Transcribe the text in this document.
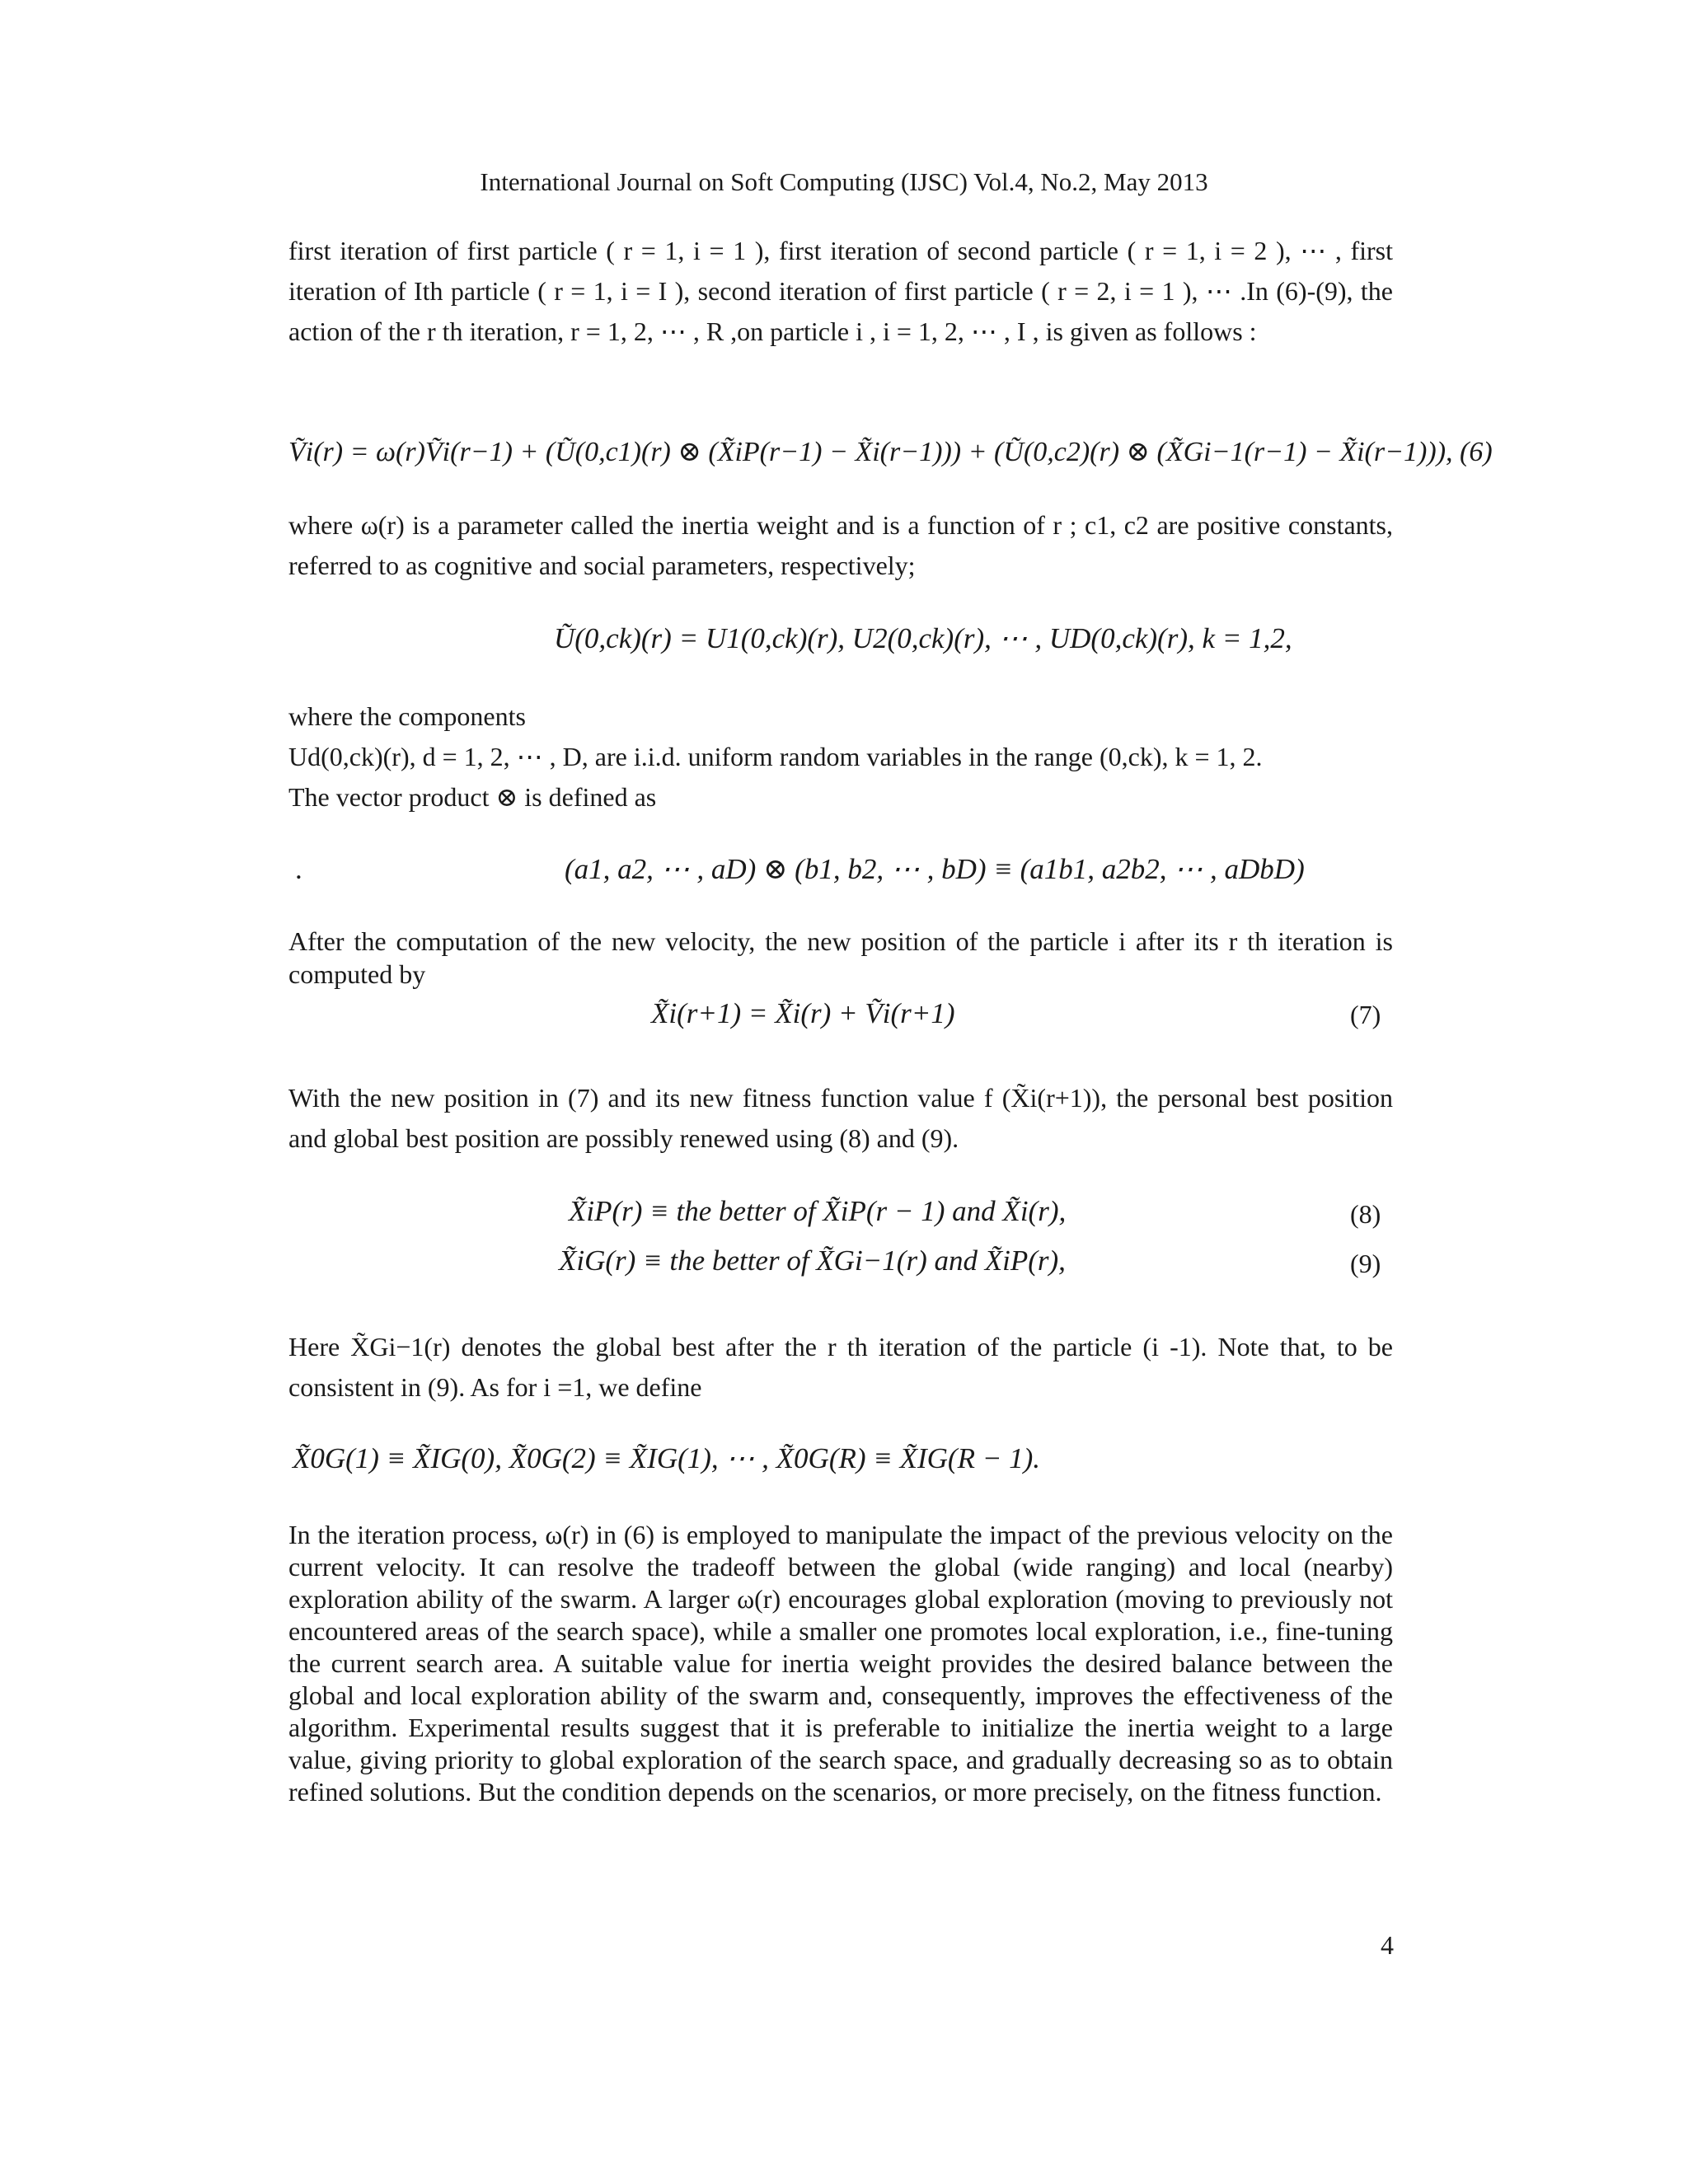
International Journal on Soft Computing (IJSC) Vol.4, No.2, May 2013
first iteration of first particle ( r = 1, i = 1 ), first iteration of second particle ( r = 1, i = 2 ), ⋯ , first iteration of Ith particle ( r = 1, i = I ), second iteration of first particle ( r = 2, i = 1 ), ⋯ .In (6)-(9), the action of the r th iteration, r = 1, 2, ⋯ , R ,on particle i , i = 1, 2, ⋯ , I , is given as follows :
Ṽi(r) = ω(r)Ṽi(r−1) + (Ũ(0,c1)(r) ⊗ (X̃iP(r−1) − X̃i(r−1))) + (Ũ(0,c2)(r) ⊗ (X̃Gi−1(r−1) − X̃i(r−1))), (6)
where ω(r) is a parameter called the inertia weight and is a function of r ; c1, c2 are positive constants, referred to as cognitive and social parameters, respectively;
Ũ(0,ck)(r) = U1(0,ck)(r), U2(0,ck)(r), ⋯ , UD(0,ck)(r), k = 1,2,
where the components
Ud(0,ck)(r), d = 1, 2, ⋯ , D, are i.i.d. uniform random variables in the range (0,ck), k = 1, 2.
The vector product ⊗ is defined as
.	(a1, a2, ⋯ , aD) ⊗ (b1, b2, ⋯ , bD) ≡ (a1b1, a2b2, ⋯ , aDbD)
After the computation of the new velocity, the new position of the particle i after its r th iteration is computed by
X̃i(r+1) = X̃i(r) + Ṽi(r+1)	(7)
With the new position in (7) and its new fitness function value f (X̃i(r+1)), the personal best position and global best position are possibly renewed using (8) and (9).
X̃iP(r) ≡ the better of X̃iP(r − 1) and X̃i(r),	(8)
X̃iG(r) ≡ the better of X̃Gi−1(r) and X̃iP(r),	(9)
Here X̃Gi−1(r) denotes the global best after the r th iteration of the particle (i -1). Note that, to be consistent in (9). As for i =1, we define
X̃0G(1) ≡ X̃IG(0), X̃0G(2) ≡ X̃IG(1), ⋯ , X̃0G(R) ≡ X̃IG(R − 1).
In the iteration process, ω(r) in (6) is employed to manipulate the impact of the previous velocity on the current velocity. It can resolve the tradeoff between the global (wide ranging) and local (nearby) exploration ability of the swarm. A larger ω(r) encourages global exploration (moving to previously not encountered areas of the search space), while a smaller one promotes local exploration, i.e., fine-tuning the current search area. A suitable value for inertia weight provides the desired balance between the global and local exploration ability of the swarm and, consequently, improves the effectiveness of the algorithm. Experimental results suggest that it is preferable to initialize the inertia weight to a large value, giving priority to global exploration of the search space, and gradually decreasing so as to obtain refined solutions. But the condition depends on the scenarios, or more precisely, on the fitness function.
4
